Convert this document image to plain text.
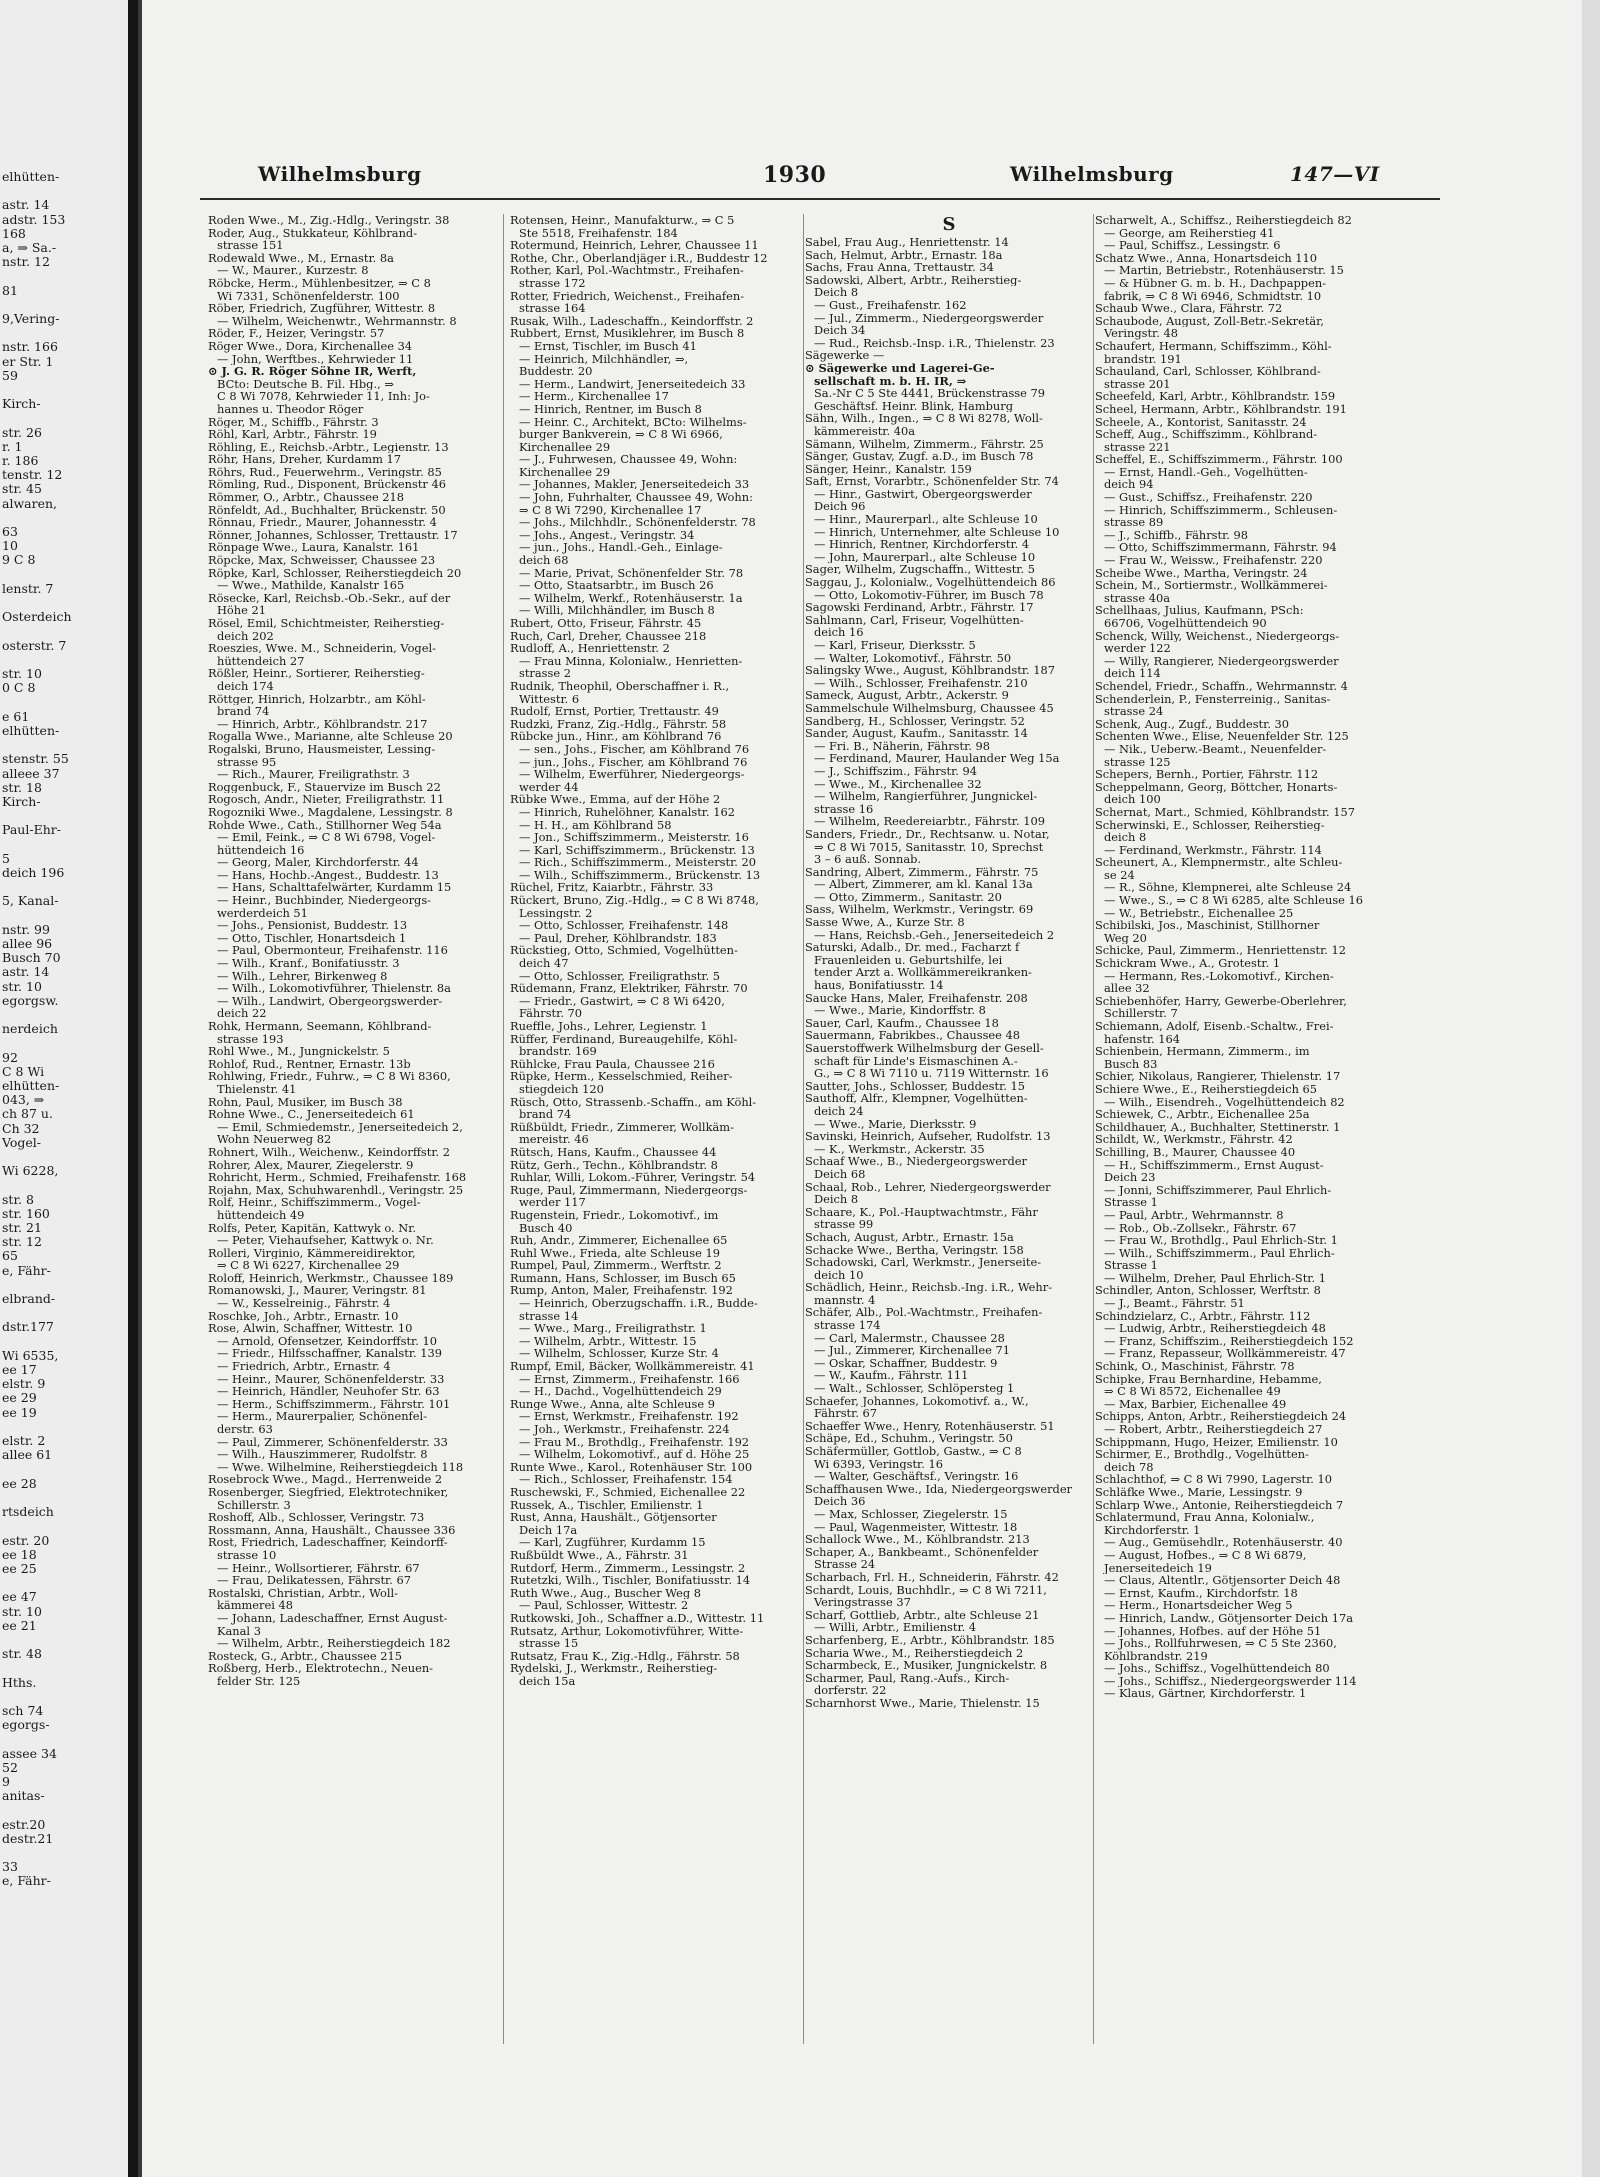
elhütten-

astr. 14
adstr. 153
168
a, ⇒ Sa.-
nstr. 12

81

9,Vering-

nstr. 166
er Str. 1
59

Kirch-

str. 26
r. 1
r. 186
tenstr. 12
str. 45
alwaren,

63
10
9 C 8

lenstr. 7

Osterdeich

osterstr. 7

str. 10
0 C 8

e 61
elhütten-

stenstr. 55
alleee 37
str. 18
Kirch-

Paul-Ehr-

5
deich 196

5, Kanal-

nstr. 99
allee 96
Busch 70
astr. 14
str. 10
egorgsw.

nerdeich

92
C 8 Wi
elhütten-
043, ⇒
ch 87 u.
Ch 32
Vogel-

Wi 6228,

str. 8
str. 160
str. 21
str. 12
65
e, Fähr-

elbrand-

dstr.177

Wi 6535,
ee 17
elstr. 9
ee 29
ee 19

elstr. 2
allee 61

ee 28

rtsdeich

estr. 20
ee 18
ee 25

ee 47
str. 10
ee 21

str. 48

Hths.

sch 74
egorgs-

assee 34
52
9
anitas-

estr.20
destr.21

33
e, Fähr-
Wilhelmsburg	1930	Wilhelmsburg	147—VI
Roden Wwe., M., Zig.-Hdlg., Veringstr. 38
Roder, Aug., Stukkateur, Köhlbrand-
strasse 151
Rodewald Wwe., M., Ernastr. 8a
— W., Maurer., Kurzestr. 8
Röbcke, Herm., Mühlenbesitzer, ⇒ C 8
Wi 7331, Schönenfelderstr. 100
Röber, Friedrich, Zugführer, Wittestr. 8
— Wilhelm, Weichenwtr., Wehrmannstr. 8
Röder, F., Heizer, Veringstr. 57
Röger Wwe., Dora, Kirchenallee 34
— John, Werftbes., Kehrwieder 11
⊙ J. G. R. Röger Söhne IR, Werft,
BCto: Deutsche B. Fil. Hbg., ⇒
C 8 Wi 7078, Kehrwieder 11, Inh: Jo-
hannes u. Theodor Röger
Röger, M., Schiffb., Fährstr. 3
Röhl, Karl, Arbtr., Fährstr. 19
Röhling, E., Reichsb.-Arbtr., Legienstr. 13
Röhr, Hans, Dreher, Kurdamm 17
Röhrs, Rud., Feuerwehrm., Veringstr. 85
Römling, Rud., Disponent, Brückenstr 46
Römmer, O., Arbtr., Chaussee 218
Rönfeldt, Ad., Buchhalter, Brückenstr. 50
Rönnau, Friedr., Maurer, Johannesstr. 4
Rönner, Johannes, Schlosser, Trettaustr. 17
Rönpage Wwe., Laura, Kanalstr. 161
Röpcke, Max, Schweisser, Chaussee 23
Röpke, Karl, Schlosser, Reiherstiegdeich 20
— Wwe., Mathilde, Kanalstr 165
Rösecke, Karl, Reichsb.-Ob.-Sekr., auf der
Höhe 21
Rösel, Emil, Schichtmeister, Reiherstieg-
deich 202
Roeszies, Wwe. M., Schneiderin, Vogel-
hüttendeich 27
Rößler, Heinr., Sortierer, Reiherstieg-
deich 174
Röttger, Hinrich, Holzarbtr., am Köhl-
brand 74
— Hinrich, Arbtr., Köhlbrandstr. 217
Rogalla Wwe., Marianne, alte Schleuse 20
Rogalski, Bruno, Hausmeister, Lessing-
strasse 95
— Rich., Maurer, Freiligrathstr. 3
Roggenbuck, F., Stauervize im Busch 22
Rogosch, Andr., Nieter, Freiligrathstr. 11
Rogozniki Wwe., Magdalene, Lessingstr. 8
Rohde Wwe., Cath., Stillhorner Weg 54a
— Emil, Feink., ⇒ C 8 Wi 6798, Vogel-
hüttendeich 16
— Georg, Maler, Kirchdorferstr. 44
— Hans, Hochb.-Angest., Buddestr. 13
— Hans, Schalttafelwärter, Kurdamm 15
— Heinr., Buchbinder, Niedergeorgs-
werderdeich 51
— Johs., Pensionist, Buddestr. 13
— Otto, Tischler, Honartsdeich 1
— Paul, Obermonteur, Freihafenstr. 116
— Wilh., Kranf., Bonifatiusstr. 3
— Wilh., Lehrer, Birkenweg 8
— Wilh., Lokomotivführer, Thielenstr. 8a
— Wilh., Landwirt, Obergeorgswerder-
deich 22
Rohk, Hermann, Seemann, Köhlbrand-
strasse 193
Rohl Wwe., M., Jungnickelstr. 5
Rohlof, Rud., Rentner, Ernastr. 13b
Rohlwing, Friedr., Fuhrw., ⇒ C 8 Wi 8360,
Thielenstr. 41
Rohn, Paul, Musiker, im Busch 38
Rohne Wwe., C., Jenerseitedeich 61
— Emil, Schmiedemstr., Jenerseitedeich 2,
Wohn Neuerweg 82
Rohnert, Wilh., Weichenw., Keindorffstr. 2
Rohrer, Alex, Maurer, Ziegelerstr. 9
Rohricht, Herm., Schmied, Freihafenstr. 168
Rojahn, Max, Schuhwarenhdl., Veringstr. 25
Rolf, Heinr., Schiffszimmerm., Vogel-
hüttendeich 49
Rolfs, Peter, Kapitän, Kattwyk o. Nr.
— Peter, Viehaufseher, Kattwyk o. Nr.
Rolleri, Virginio, Kämmereidirektor,
⇒ C 8 Wi 6227, Kirchenallee 29
Roloff, Heinrich, Werkmstr., Chaussee 189
Romanowski, J., Maurer, Veringstr. 81
— W., Kesselreinig., Fährstr. 4
Roschke, Joh., Arbtr., Ernastr. 10
Rose, Alwin, Schaffner, Wittestr. 10
— Arnold, Ofensetzer, Keindorffstr. 10
— Friedr., Hilfsschaffner, Kanalstr. 139
— Friedrich, Arbtr., Ernastr. 4
— Heinr., Maurer, Schönenfelderstr. 33
— Heinrich, Händler, Neuhofer Str. 63
— Herm., Schiffszimmerm., Fährstr. 101
— Herm., Maurerpalier, Schönenfel-
derstr. 63
— Paul, Zimmerer, Schönenfelderstr. 33
— Wilh., Hauszimmerer, Rudolfstr. 8
— Wwe. Wilhelmine, Reiherstiegdeich 118
Rosebrock Wwe., Magd., Herrenweide 2
Rosenberger, Siegfried, Elektrotechniker,
Schillerstr. 3
Roshoff, Alb., Schlosser, Veringstr. 73
Rossmann, Anna, Haushält., Chaussee 336
Rost, Friedrich, Ladeschaffner, Keindorff-
strasse 10
— Heinr., Wollsortierer, Fährstr. 67
— Frau, Delikatessen, Fährstr. 67
Rostalski, Christian, Arbtr., Woll-
kämmerei 48
— Johann, Ladeschaffner, Ernst August-
Kanal 3
— Wilhelm, Arbtr., Reiherstiegdeich 182
Rosteck, G., Arbtr., Chaussee 215
Roßberg, Herb., Elektrotechn., Neuen-
felder Str. 125
Rotensen, Heinr., Manufakturw., ⇒ C 5
Ste 5518, Freihafenstr. 184
Rotermund, Heinrich, Lehrer, Chaussee 11
Rothe, Chr., Oberlandjäger i.R., Buddestr 12
Rother, Karl, Pol.-Wachtmstr., Freihafen-
strasse 172
Rotter, Friedrich, Weichenst., Freihafen-
strasse 164
Rusak, Wilh., Ladeschaffn., Keindorffstr. 2
Rubbert, Ernst, Musiklehrer, im Busch 8
— Ernst, Tischler, im Busch 41
— Heinrich, Milchhändler, ⇒,
Buddestr. 20
— Herm., Landwirt, Jenerseitedeich 33
— Herm., Kirchenallee 17
— Hinrich, Rentner, im Busch 8
— Heinr. C., Architekt, BCto: Wilhelms-
burger Bankverein, ⇒ C 8 Wi 6966,
Kirchenallee 29
— J., Fuhrwesen, Chaussee 49, Wohn:
Kirchenallee 29
— Johannes, Makler, Jenerseitedeich 33
— John, Fuhrhalter, Chaussee 49, Wohn:
⇒ C 8 Wi 7290, Kirchenallee 17
— Johs., Milchhdlr., Schönenfelderstr. 78
— Johs., Angest., Veringstr. 34
— jun., Johs., Handl.-Geh., Einlage-
deich 68
— Marie, Privat, Schönenfelder Str. 78
— Otto, Staatsarbtr., im Busch 26
— Wilhelm, Werkf., Rotenhäuserstr. 1a
— Willi, Milchhändler, im Busch 8
Rubert, Otto, Friseur, Fährstr. 45
Ruch, Carl, Dreher, Chaussee 218
Rudloff, A., Henriettenstr. 2
— Frau Minna, Kolonialw., Henrietten-
strasse 2
Rudnik, Theophil, Oberschaffner i. R.,
Wittestr. 6
Rudolf, Ernst, Portier, Trettaustr. 49
Rudzki, Franz, Zig.-Hdlg., Fährstr. 58
Rübcke jun., Hinr., am Köhlbrand 76
— sen., Johs., Fischer, am Köhlbrand 76
— jun., Johs., Fischer, am Köhlbrand 76
— Wilhelm, Ewerführer, Niedergeorgs-
werder 44
Rübke Wwe., Emma, auf der Höhe 2
— Hinrich, Ruhelöhner, Kanalstr. 162
— H. H., am Köhlbrand 58
— Jon., Schiffszimmerm., Meisterstr. 16
— Karl, Schiffszimmerm., Brückenstr. 13
— Rich., Schiffszimmerm., Meisterstr. 20
— Wilh., Schiffszimmerm., Brückenstr. 13
Rüchel, Fritz, Kaiarbtr., Fährstr. 33
Rückert, Bruno, Zig.-Hdlg., ⇒ C 8 Wi 8748,
Lessingstr. 2
— Otto, Schlosser, Freihafenstr. 148
— Paul, Dreher, Köhlbrandstr. 183
Rückstieg, Otto, Schmied, Vogelhütten-
deich 47
— Otto, Schlosser, Freiligrathstr. 5
Rüdemann, Franz, Elektriker, Fährstr. 70
— Friedr., Gastwirt, ⇒ C 8 Wi 6420,
Fährstr. 70
Rueffle, Johs., Lehrer, Legienstr. 1
Rüffer, Ferdinand, Bureaugehilfe, Köhl-
brandstr. 169
Rühlcke, Frau Paula, Chaussee 216
Rüpke, Herm., Kesselschmied, Reiher-
stiegdeich 120
Rüsch, Otto, Strassenb.-Schaffn., am Köhl-
brand 74
Rüßbüldt, Friedr., Zimmerer, Wollkäm-
mereistr. 46
Rütsch, Hans, Kaufm., Chaussee 44
Rütz, Gerh., Techn., Köhlbrandstr. 8
Ruhlar, Willi, Lokom.-Führer, Veringstr. 54
Ruge, Paul, Zimmermann, Niedergeorgs-
werder 117
Rugenstein, Friedr., Lokomotivf., im
Busch 40
Ruh, Andr., Zimmerer, Eichenallee 65
Ruhl Wwe., Frieda, alte Schleuse 19
Rumpel, Paul, Zimmerm., Werftstr. 2
Rumann, Hans, Schlosser, im Busch 65
Rump, Anton, Maler, Freihafenstr. 192
— Heinrich, Oberzugschaffn. i.R., Budde-
strasse 14
— Wwe., Marg., Freiligrathstr. 1
— Wilhelm, Arbtr., Wittestr. 15
— Wilhelm, Schlosser, Kurze Str. 4
Rumpf, Emil, Bäcker, Wollkämmereistr. 41
— Ernst, Zimmerm., Freihafenstr. 166
— H., Dachd., Vogelhüttendeich 29
Runge Wwe., Anna, alte Schleuse 9
— Ernst, Werkmstr., Freihafenstr. 192
— Joh., Werkmstr., Freihafenstr. 224
— Frau M., Brothdlg., Freihafenstr. 192
— Wilhelm, Lokomotivf., auf d. Höhe 25
Runte Wwe., Karol., Rotenhäuser Str. 100
— Rich., Schlosser, Freihafenstr. 154
Ruschewski, F., Schmied, Eichenallee 22
Russek, A., Tischler, Emilienstr. 1
Rust, Anna, Haushält., Götjensorter
Deich 17a
— Karl, Zugführer, Kurdamm 15
Rußbüldt Wwe., A., Fährstr. 31
Rutdorf, Herm., Zimmerm., Lessingstr. 2
Rutetzki, Wilh., Tischler, Bonifatiusstr. 14
Ruth Wwe., Aug., Buscher Weg 8
— Paul, Schlosser, Wittestr. 2
Rutkowski, Joh., Schaffner a.D., Wittestr. 11
Rutsatz, Arthur, Lokomotivführer, Witte-
strasse 15
Rutsatz, Frau K., Zig.-Hdlg., Fährstr. 58
Rydelski, J., Werkmstr., Reiherstieg-
deich 15a
S
Sabel, Frau Aug., Henriettenstr. 14
Sach, Helmut, Arbtr., Ernastr. 18a
Sachs, Frau Anna, Trettaustr. 34
Sadowski, Albert, Arbtr., Reiherstieg-
Deich 8
— Gust., Freihafenstr. 162
— Jul., Zimmerm., Niedergeorgswerder
Deich 34
— Rud., Reichsb.-Insp. i.R., Thielenstr. 23
Sägewerke —
⊙ Sägewerke und Lagerei-Ge-
sellschaft m. b. H. IR, ⇒
Sa.-Nr C 5 Ste 4441, Brückenstrasse 79
Geschäftsf. Heinr. Blink, Hamburg
Sähn, Wilh., Ingen., ⇒ C 8 Wi 8278, Woll-
kämmereistr. 40a
Sämann, Wilhelm, Zimmerm., Fährstr. 25
Sänger, Gustav, Zugf. a.D., im Busch 78
Sänger, Heinr., Kanalstr. 159
Saft, Ernst, Vorarbtr., Schönenfelder Str. 74
— Hinr., Gastwirt, Obergeorgswerder
Deich 96
— Hinr., Maurerparl., alte Schleuse 10
— Hinrich, Unternehmer, alte Schleuse 10
— Hinrich, Rentner, Kirchdorferstr. 4
— John, Maurerparl., alte Schleuse 10
Sager, Wilhelm, Zugschaffn., Wittestr. 5
Saggau, J., Kolonialw., Vogelhüttendeich 86
— Otto, Lokomotiv-Führer, im Busch 78
Sagowski Ferdinand, Arbtr., Fährstr. 17
Sahlmann, Carl, Friseur, Vogelhütten-
deich 16
— Karl, Friseur, Dierksstr. 5
— Walter, Lokomotivf., Fährstr. 50
Salingsky Wwe., August, Köhlbrandstr. 187
— Wilh., Schlosser, Freihafenstr. 210
Sameck, August, Arbtr., Ackerstr. 9
Sammelschule Wilhelmsburg, Chaussee 45
Sandberg, H., Schlosser, Veringstr. 52
Sander, August, Kaufm., Sanitasstr. 14
— Fri. B., Näherin, Fährstr. 98
— Ferdinand, Maurer, Haulander Weg 15a
— J., Schiffszim., Fährstr. 94
— Wwe., M., Kirchenallee 32
— Wilhelm, Rangierführer, Jungnickel-
strasse 16
— Wilhelm, Reedereiarbtr., Fährstr. 109
Sanders, Friedr., Dr., Rechtsanw. u. Notar,
⇒ C 8 Wi 7015, Sanitasstr. 10, Sprechst
3 – 6 auß. Sonnab.
Sandring, Albert, Zimmerm., Fährstr. 75
— Albert, Zimmerer, am kl. Kanal 13a
— Otto, Zimmerm., Sanitastr. 20
Sass, Wilhelm, Werkmstr., Veringstr. 69
Sasse Wwe, A., Kurze Str. 8
— Hans, Reichsb.-Geh., Jenerseitedeich 2
Saturski, Adalb., Dr. med., Facharzt f
Frauenleiden u. Geburtshilfe, lei
tender Arzt a. Wollkämmereikranken-
haus, Bonifatiusstr. 14
Saucke Hans, Maler, Freihafenstr. 208
— Wwe., Marie, Kindorffstr. 8
Sauer, Carl, Kaufm., Chaussee 18
Sauermann, Fabrikbes., Chaussee 48
Sauerstoffwerk Wilhelmsburg der Gesell-
schaft für Linde's Eismaschinen A.-
G., ⇒ C 8 Wi 7110 u. 7119 Witternstr. 16
Sautter, Johs., Schlosser, Buddestr. 15
Sauthoff, Alfr., Klempner, Vogelhütten-
deich 24
— Wwe., Marie, Dierksstr. 9
Savinski, Heinrich, Aufseher, Rudolfstr. 13
— K., Werkmstr., Ackerstr. 35
Schaaf Wwe., B., Niedergeorgswerder
Deich 68
Schaal, Rob., Lehrer, Niedergeorgswerder
Deich 8
Schaare, K., Pol.-Hauptwachtmstr., Fähr
strasse 99
Schach, August, Arbtr., Ernastr. 15a
Schacke Wwe., Bertha, Veringstr. 158
Schadowski, Carl, Werkmstr., Jenerseite-
deich 10
Schädlich, Heinr., Reichsb.-Ing. i.R., Wehr-
mannstr. 4
Schäfer, Alb., Pol.-Wachtmstr., Freihafen-
strasse 174
— Carl, Malermstr., Chaussee 28
— Jul., Zimmerer, Kirchenallee 71
— Oskar, Schaffner, Buddestr. 9
— W., Kaufm., Fährstr. 111
— Walt., Schlosser, Schlöpersteg 1
Schaefer, Johannes, Lokomotivf. a., W.,
Fährstr. 67
Schaeffer Wwe., Henry, Rotenhäuserstr. 51
Schäpe, Ed., Schuhm., Veringstr. 50
Schäfermüller, Gottlob, Gastw., ⇒ C 8
Wi 6393, Veringstr. 16
— Walter, Geschäftsf., Veringstr. 16
Schaffhausen Wwe., Ida, Niedergeorgswerder
Deich 36
— Max, Schlosser, Ziegelerstr. 15
— Paul, Wagenmeister, Wittestr. 18
Schallock Wwe., M., Köhlbrandstr. 213
Schaper, A., Bankbeamt., Schönenfelder
Strasse 24
Scharbach, Frl. H., Schneiderin, Fährstr. 42
Schardt, Louis, Buchhdlr., ⇒ C 8 Wi 7211,
Veringstrasse 37
Scharf, Gottlieb, Arbtr., alte Schleuse 21
— Willi, Arbtr., Emilienstr. 4
Scharfenberg, E., Arbtr., Köhlbrandstr. 185
Scharia Wwe., M., Reiherstiegdeich 2
Scharmbeck, E., Musiker, Jungnickelstr. 8
Scharmer, Paul, Rang.-Aufs., Kirch-
dorferstr. 22
Scharnhorst Wwe., Marie, Thielenstr. 15
Scharwelt, A., Schiffsz., Reiherstiegdeich 82
— George, am Reiherstieg 41
— Paul, Schiffsz., Lessingstr. 6
Schatz Wwe., Anna, Honartsdeich 110
— Martin, Betriebstr., Rotenhäuserstr. 15
— & Hübner G. m. b. H., Dachpappen-
fabrik, ⇒ C 8 Wi 6946, Schmidtstr. 10
Schaub Wwe., Clara, Fährstr. 72
Schaubode, August, Zoll-Betr.-Sekretär,
Veringstr. 48
Schaufert, Hermann, Schiffszimm., Köhl-
brandstr. 191
Schauland, Carl, Schlosser, Köhlbrand-
strasse 201
Scheefeld, Karl, Arbtr., Köhlbrandstr. 159
Scheel, Hermann, Arbtr., Köhlbrandstr. 191
Scheele, A., Kontorist, Sanitasstr. 24
Scheff, Aug., Schiffszimm., Köhlbrand-
strasse 221
Scheffel, E., Schiffszimmerm., Fährstr. 100
— Ernst, Handl.-Geh., Vogelhütten-
deich 94
— Gust., Schiffsz., Freihafenstr. 220
— Hinrich, Schiffszimmerm., Schleusen-
strasse 89
— J., Schiffb., Fährstr. 98
— Otto, Schiffszimmermann, Fährstr. 94
— Frau W., Weissw., Freihafenstr. 220
Scheibe Wwe., Martha, Veringstr. 24
Schein, M., Sortiermstr., Wollkämmerei-
strasse 40a
Schellhaas, Julius, Kaufmann, PSch:
66706, Vogelhüttendeich 90
Schenck, Willy, Weichenst., Niedergeorgs-
werder 122
— Willy, Rangierer, Niedergeorgswerder
deich 114
Schendel, Friedr., Schaffn., Wehrmannstr. 4
Schenderlein, P., Fensterreinig., Sanitas-
strasse 24
Schenk, Aug., Zugf., Buddestr. 30
Schenten Wwe., Elise, Neuenfelder Str. 125
— Nik., Ueberw.-Beamt., Neuenfelder-
strasse 125
Schepers, Bernh., Portier, Fährstr. 112
Scheppelmann, Georg, Böttcher, Honarts-
deich 100
Schernat, Mart., Schmied, Köhlbrandstr. 157
Scherwinski, E., Schlosser, Reiherstieg-
deich 8
— Ferdinand, Werkmstr., Fährstr. 114
Scheunert, A., Klempnermstr., alte Schleu-
se 24
— R., Söhne, Klempnerei, alte Schleuse 24
— Wwe., S., ⇒ C 8 Wi 6285, alte Schleuse 16
— W., Betriebstr., Eichenallee 25
Schibilski, Jos., Maschinist, Stillhorner
Weg 20
Schicke, Paul, Zimmerm., Henriettenstr. 12
Schickram Wwe., A., Grotestr. 1
— Hermann, Res.-Lokomotivf., Kirchen-
allee 32
Schiebenhöfer, Harry, Gewerbe-Oberlehrer,
Schillerstr. 7
Schiemann, Adolf, Eisenb.-Schaltw., Frei-
hafenstr. 164
Schienbein, Hermann, Zimmerm., im
Busch 83
Schier, Nikolaus, Rangierer, Thielenstr. 17
Schiere Wwe., E., Reiherstiegdeich 65
— Wilh., Eisendreh., Vogelhüttendeich 82
Schiewek, C., Arbtr., Eichenallee 25a
Schildhauer, A., Buchhalter, Stettinerstr. 1
Schildt, W., Werkmstr., Fährstr. 42
Schilling, B., Maurer, Chaussee 40
— H., Schiffszimmerm., Ernst August-
Deich 23
— Jonni, Schiffszimmerer, Paul Ehrlich-
Strasse 1
— Paul, Arbtr., Wehrmannstr. 8
— Rob., Ob.-Zollsekr., Fährstr. 67
— Frau W., Brothdlg., Paul Ehrlich-Str. 1
— Wilh., Schiffszimmerm., Paul Ehrlich-
Strasse 1
— Wilhelm, Dreher, Paul Ehrlich-Str. 1
Schindler, Anton, Schlosser, Werftstr. 8
— J., Beamt., Fährstr. 51
Schindzielarz, C., Arbtr., Fährstr. 112
— Ludwig, Arbtr., Reiherstiegdeich 48
— Franz, Schiffszim., Reiherstiegdeich 152
— Franz, Repasseur, Wollkämmereistr. 47
Schink, O., Maschinist, Fährstr. 78
Schipke, Frau Bernhardine, Hebamme,
⇒ C 8 Wi 8572, Eichenallee 49
— Max, Barbier, Eichenallee 49
Schipps, Anton, Arbtr., Reiherstiegdeich 24
— Robert, Arbtr., Reiherstiegdeich 27
Schippmann, Hugo, Heizer, Emilienstr. 10
Schirmer, E., Brothdlg., Vogelhütten-
deich 78
Schlachthof, ⇒ C 8 Wi 7990, Lagerstr. 10
Schläfke Wwe., Marie, Lessingstr. 9
Schlarp Wwe., Antonie, Reiherstiegdeich 7
Schlatermund, Frau Anna, Kolonialw.,
Kirchdorferstr. 1
— Aug., Gemüsehdlr., Rotenhäuserstr. 40
— August, Hofbes., ⇒ C 8 Wi 6879,
Jenerseitedeich 19
— Claus, Altentlr., Götjensorter Deich 48
— Ernst, Kaufm., Kirchdorfstr. 18
— Herm., Honartsdeicher Weg 5
— Hinrich, Landw., Götjensorter Deich 17a
— Johannes, Hofbes. auf der Höhe 51
— Johs., Rollfuhrwesen, ⇒ C 5 Ste 2360,
Köhlbrandstr. 219
— Johs., Schiffsz., Vogelhüttendeich 80
— Johs., Schiffsz., Niedergeorgswerder 114
— Klaus, Gärtner, Kirchdorferstr. 1
